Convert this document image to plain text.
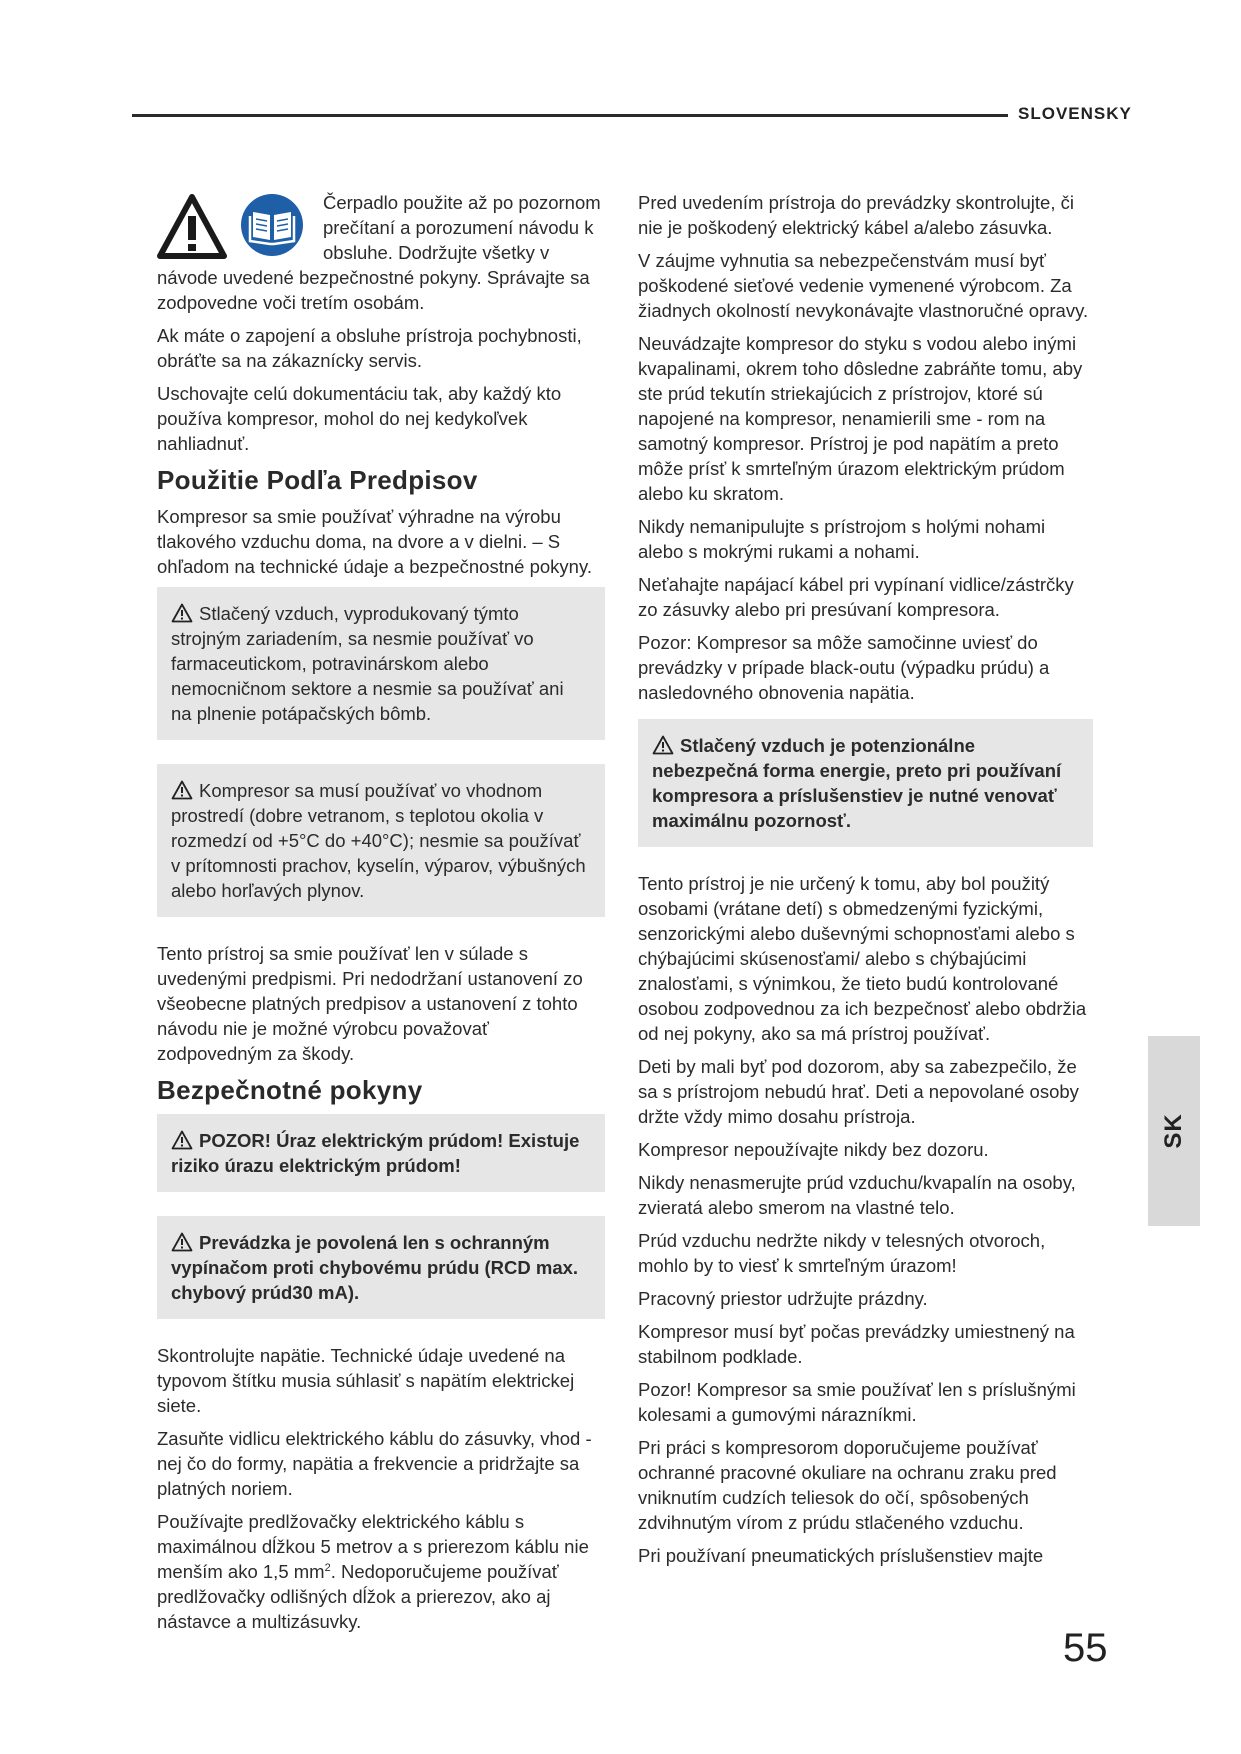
SLOVENSKY

Čerpadlo použite až po pozornom prečítaní a porozumení návodu k obsluhe. Dodržujte všetky v návode uvedené bezpečnostné pokyny. Správajte sa zodpovedne voči tretím osobám.

Ak máte o zapojení a obsluhe prístroja pochybnosti, obráťte sa na zákaznícky servis.

Uschovajte celú dokumentáciu tak, aby každý kto používa kompresor, mohol do nej kedykoľvek nahliadnuť.

Použitie Podľa Predpisov

Kompresor sa smie používať výhradne na výrobu tlakového vzduchu doma, na dvore a v dielni. – S ohľadom na technické údaje a bezpečnostné pokyny.

Stlačený vzduch, vyprodukovaný týmto strojným zariadením, sa nesmie používať vo farmaceutickom, potravinárskom alebo nemocničnom sektore a nesmie sa používať ani na plnenie potápačských bômb.
Kompresor sa musí používať vo vhodnom prostredí (dobre vetranom, s teplotou okolia v rozmedzí od +5°C do +40°C); nesmie sa používať v prítomnosti prachov, kyselín, výparov, výbušných alebo horľavých plynov.

Tento prístroj sa smie používať len v súlade s uvedenými predpismi. Pri nedodržaní ustanovení zo všeobecne platných predpisov a ustanovení z tohto návodu nie je možné výrobcu považovať zodpovedným za škody.

Bezpečnotné pokyny
POZOR! Úraz elektrickým prúdom! Existuje riziko úrazu elektrickým prúdom!
Prevádzka je povolená len s ochranným vypínačom proti chybovému prúdu (RCD max. chybový prúd30 mA).

Skontrolujte napätie. Technické údaje uvedené na typovom štítku musia súhlasiť s napätím elektrickej siete.

Zasuňte vidlicu elektrického káblu do zásuvky, vhod - nej čo do formy, napätia a frekvencie a pridržajte sa platných noriem.

Používajte predlžovačky elektrického káblu s maximálnou dĺžkou 5 metrov a s prierezom káblu nie menším ako 1,5 $mm^2$. Nedoporučujeme používať predlžovačky odlišných dĺžok a prierezov, ako aj nástavce a multizásuvky.

Pred uvedením prístroja do prevádzky skontrolujte, či nie je poškodený elektrický kábel a/alebo zásuvka.

V záujme vyhnutia sa nebezpečenstvám musí byť poškodené sieťové vedenie vymenené výrobcom. Za žiadnych okolností nevykonávajte vlastnoručné opravy.

Neuvádzajte kompresor do styku s vodou alebo inými kvapalinami, okrem toho dôsledne zabráňte tomu, aby ste prúd tekutín striekajúcich z prístrojov, ktoré sú napojené na kompresor, nenamierili sme - rom na samotný kompresor. Prístroj je pod napätím a preto môže prísť k smrteľným úrazom elektrickým prúdom alebo ku skratom.

Nikdy nemanipulujte s prístrojom s holými nohami alebo s mokrými rukami a nohami.

Neťahajte napájací kábel pri vypínaní vidlice/zástrčky zo zásuvky alebo pri presúvaní kompresora.

Pozor: Kompresor sa môže samočinne uviesť do prevádzky v prípade black-outu (výpadku prúdu) a nasledovného obnovenia napätia.

Stlačený vzduch je potenzionálne nebezpečná forma energie, preto pri používaní kompresora a príslušenstiev je nutné venovať maximálnu pozornosť.

Tento prístroj je nie určený k tomu, aby bol použitý osobami (vrátane detí) s obmedzenými fyzickými, senzorickými alebo duševnými schopnosťami alebo s chýbajúcimi skúsenosťami/ alebo s chýbajúcimi znalosťami, s výnimkou, že tieto budú kontrolované osobou zodpovednou za ich bezpečnosť alebo obdržia od nej pokyny, ako sa má prístroj používať.

Deti by mali byť pod dozorom, aby sa zabezpečilo, že sa s prístrojom nebudú hrať. Deti a nepovolané osoby držte vždy mimo dosahu prístroja.

Kompresor nepoužívajte nikdy bez dozoru.

Nikdy nenasmerujte prúd vzduchu/kvapalín na osoby, zvieratá alebo smerom na vlastné telo.

Prúd vzduchu nedržte nikdy v telesných otvoroch, mohlo by to viesť k smrteľným úrazom!

Pracovný priestor udržujte prázdny.

Kompresor musí byť počas prevádzky umiestnený na stabilnom podklade.

Pozor! Kompresor sa smie používať len s príslušnými kolesami a gumovými nárazníkmi.

Pri práci s kompresorom doporučujeme používať ochranné pracovné okuliare na ochranu zraku pred vniknutím cudzích teliesok do očí, spôsobených zdvihnutým vírom z prúdu stlačeného vzduchu.

Pri používaní pneumatických príslušenstiev majte

SK
55
